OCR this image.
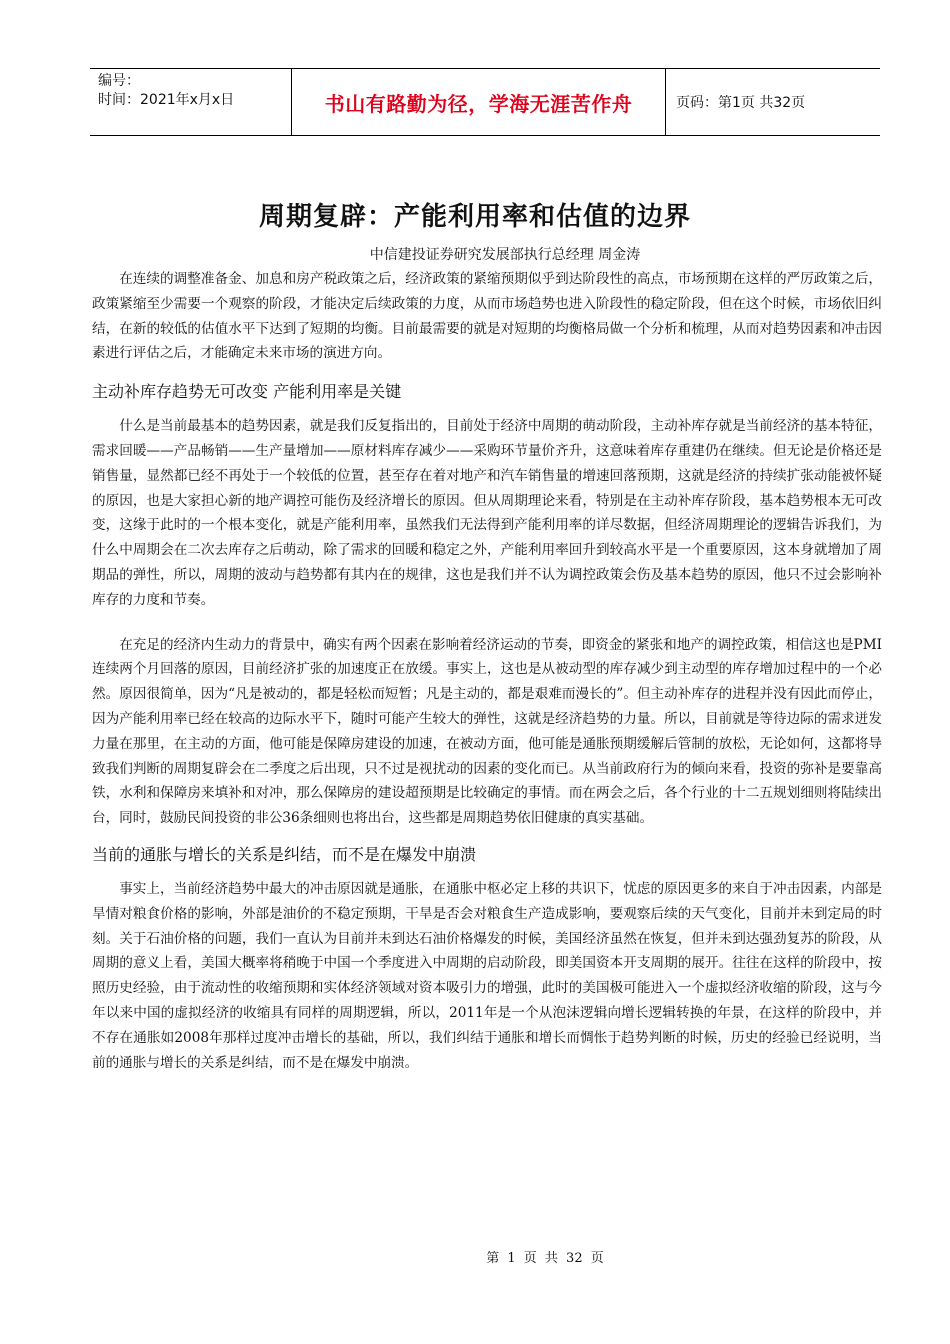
编号：
时间：2021年x月x日	书山有路勤为径，学海无涯苦作舟	页码：第1页 共32页
周期复辟：产能利用率和估值的边界
中信建投证券研究发展部执行总经理 周金涛

在连续的调整准备金、加息和房产税政策之后，经济政策的紧缩预期似乎到达阶段性的高点，市场预期在这样的严厉政策之后，政策紧缩至少需要一个观察的阶段，才能决定后续政策的力度，从而市场趋势也进入阶段性的稳定阶段，但在这个时候，市场依旧纠结，在新的较低的估值水平下达到了短期的均衡。目前最需要的就是对短期的均衡格局做一个分析和梳理，从而对趋势因素和冲击因素进行评估之后，才能确定未来市场的演进方向。

主动补库存趋势无可改变 产能利用率是关键

什么是当前最基本的趋势因素，就是我们反复指出的，目前处于经济中周期的萌动阶段，主动补库存就是当前经济的基本特征，需求回暖——产品畅销——生产量增加——原材料库存减少——采购环节量价齐升，这意味着库存重建仍在继续。但无论是价格还是销售量，显然都已经不再处于一个较低的位置，甚至存在着对地产和汽车销售量的增速回落预期，这就是经济的持续扩张动能被怀疑的原因，也是大家担心新的地产调控可能伤及经济增长的原因。但从周期理论来看，特别是在主动补库存阶段，基本趋势根本无可改变，这缘于此时的一个根本变化，就是产能利用率，虽然我们无法得到产能利用率的详尽数据，但经济周期理论的逻辑告诉我们，为什么中周期会在二次去库存之后萌动，除了需求的回暖和稳定之外，产能利用率回升到较高水平是一个重要原因，这本身就增加了周期品的弹性，所以，周期的波动与趋势都有其内在的规律，这也是我们并不认为调控政策会伤及基本趋势的原因，他只不过会影响补库存的力度和节奏。

在充足的经济内生动力的背景中，确实有两个因素在影响着经济运动的节奏，即资金的紧张和地产的调控政策，相信这也是PMI连续两个月回落的原因，目前经济扩张的加速度正在放缓。事实上，这也是从被动型的库存减少到主动型的库存增加过程中的一个必然。原因很简单，因为“凡是被动的，都是轻松而短暂；凡是主动的，都是艰难而漫长的”。但主动补库存的进程并没有因此而停止，因为产能利用率已经在较高的边际水平下，随时可能产生较大的弹性，这就是经济趋势的力量。所以，目前就是等待边际的需求迸发力量在那里，在主动的方面，他可能是保障房建设的加速，在被动方面，他可能是通胀预期缓解后管制的放松，无论如何，这都将导致我们判断的周期复辟会在二季度之后出现，只不过是视扰动的因素的变化而已。从当前政府行为的倾向来看，投资的弥补是要靠高铁，水利和保障房来填补和对冲，那么保障房的建设超预期是比较确定的事情。而在两会之后，各个行业的十二五规划细则将陆续出台，同时，鼓励民间投资的非公36条细则也将出台，这些都是周期趋势依旧健康的真实基础。

当前的通胀与增长的关系是纠结，而不是在爆发中崩溃

事实上，当前经济趋势中最大的冲击原因就是通胀，在通胀中枢必定上移的共识下，忧虑的原因更多的来自于冲击因素，内部是旱情对粮食价格的影响，外部是油价的不稳定预期，干旱是否会对粮食生产造成影响，要观察后续的天气变化，目前并未到定局的时刻。关于石油价格的问题，我们一直认为目前并未到达石油价格爆发的时候，美国经济虽然在恢复，但并未到达强劲复苏的阶段，从周期的意义上看，美国大概率将稍晚于中国一个季度进入中周期的启动阶段，即美国资本开支周期的展开。往往在这样的阶段中，按照历史经验，由于流动性的收缩预期和实体经济领域对资本吸引力的增强，此时的美国极可能进入一个虚拟经济收缩的阶段，这与今年以来中国的虚拟经济的收缩具有同样的周期逻辑，所以，2011年是一个从泡沫逻辑向增长逻辑转换的年景，在这样的阶段中，并不存在通胀如2008年那样过度冲击增长的基础，所以，我们纠结于通胀和增长而惆怅于趋势判断的时候，历史的经验已经说明，当前的通胀与增长的关系是纠结，而不是在爆发中崩溃。

第 1 页 共 32 页
